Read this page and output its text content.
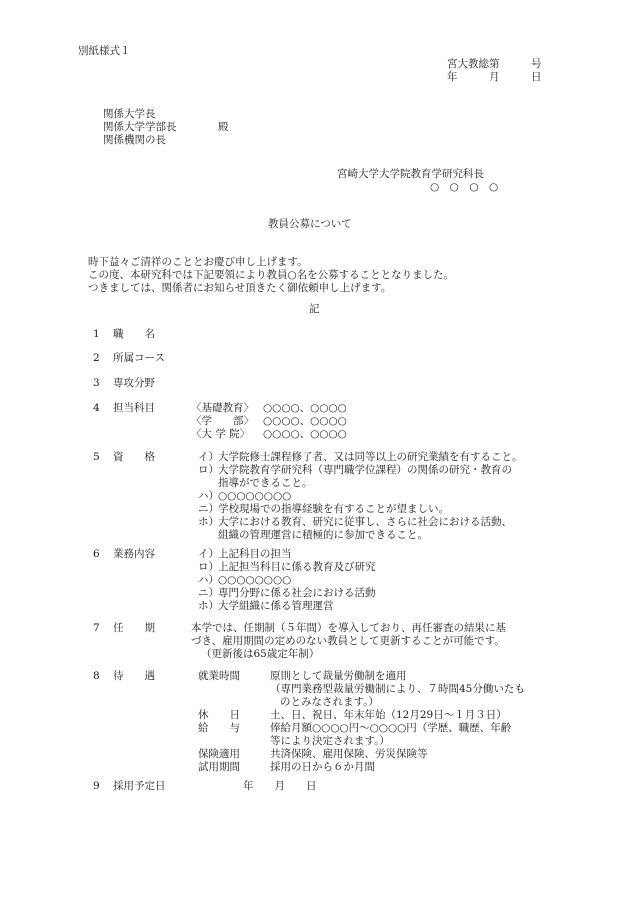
別紙様式１
宮大教総第　　　号
年　　　月　　　日
関係大学長
関係大学学部長
関係機関の長
殿
宮崎大学大学院教育学研究科長
○　○　○　○
教員公募について
時下益々ご清祥のこととお慶び申し上げます。
この度、本研究科では下記要領により教員○名を公募することとなりました。
つきましては、関係者にお知らせ頂きたく御依頼申し上げます。
記
1 職　　名
2 所属コース
3 専攻分野
4 担当科目	〈基礎教育〉 ○○○○、○○○○
〈学　　部〉 ○○○○、○○○○
〈大 学 院〉	○○○○、○○○○
5 資　　格	イ） 大学院修士課程修了者、又は同等以上の研究業績を有すること。
ロ） 大学院教育学研究科（専門職学位課程）の関係の研究・教育の
指導ができること。
ハ） ○○○○○○○○
ニ） 学校現場での指導経験を有することが望ましい。
ホ） 大学における教育、研究に従事し、さらに社会における活動、
組織の管理運営に積極的に参加できること。
6 業務内容	イ） 上記科目の担当
ロ） 上記担当科目に係る教育及び研究
ハ） ○○○○○○○○
ニ） 専門分野に係る社会における活動
ホ） 大学組織に係る管理運営
7 任　　期	本学では、任期制（５年間）を導入しており、再任審査の結果に基
づき、雇用期間の定めのない教員として更新することが可能です。
（更新後は65歳定年制）
8 待　　遇	就業時間	原則として裁量労働制を適用
（専門業務型裁量労働制により、７時間45分働いたも
のとみなされます。）
休　　日	土、日、祝日、年末年始（12月29日～１月３日）
給　　与	俸給月額○○○○円～○○○○円（学歴、職歴、年齢
等により決定されます。）
保険適用	共済保険、雇用保険、労災保険等
試用期間	採用の日から６か月間
9 採用予定日	年　　月　　日
